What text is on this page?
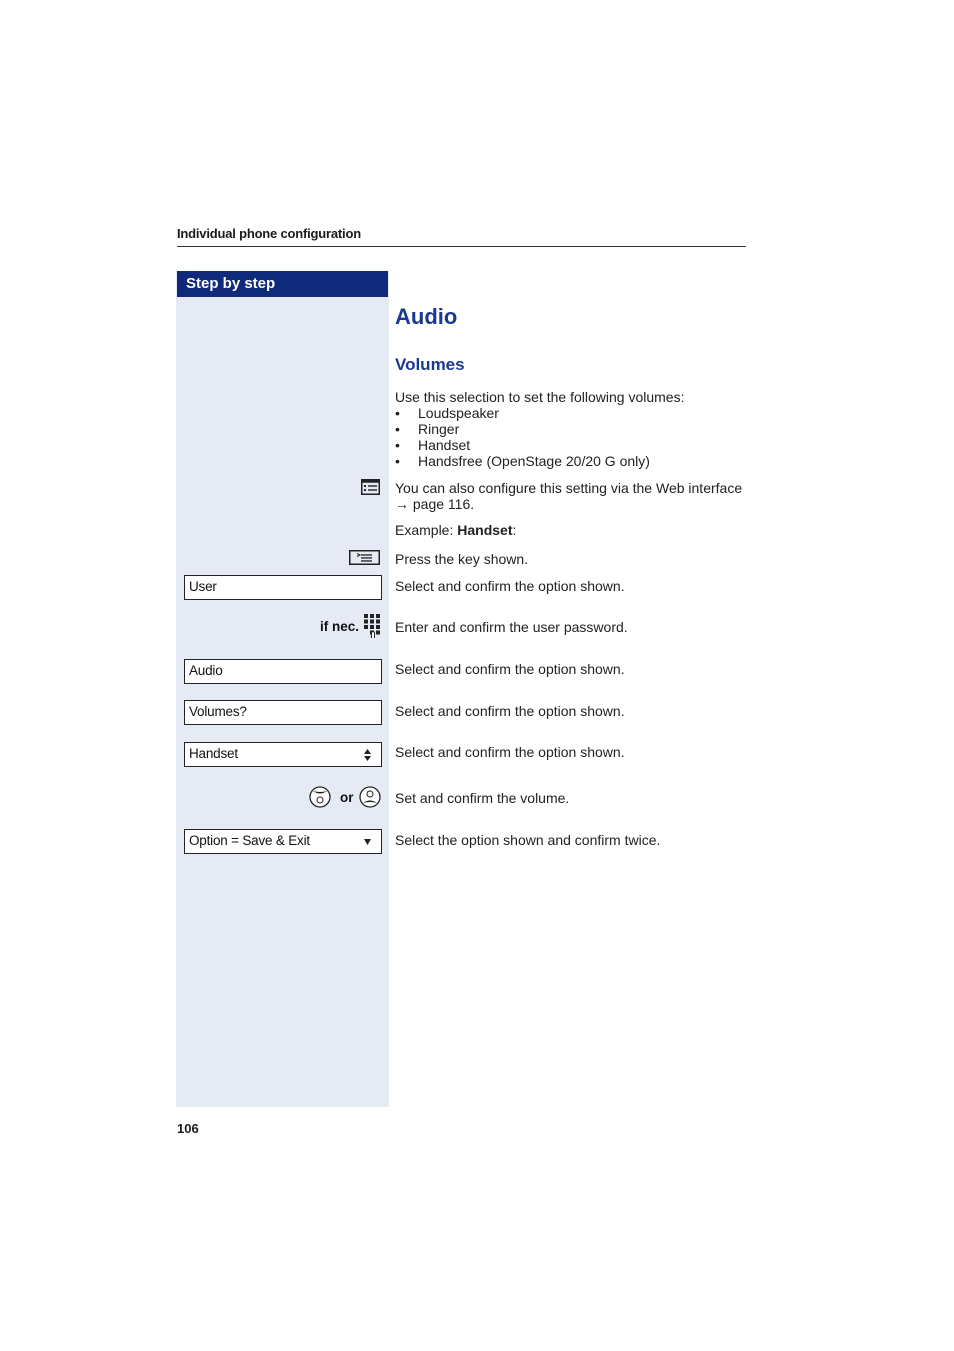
Individual phone configuration
Step by step
Audio
Volumes
Use this selection to set the following volumes:
• Loudspeaker
• Ringer
• Handset
• Handsfree (OpenStage 20/20 G only)
You can also configure this setting via the Web interface
→ page 116.
Example: Handset:
Press the key shown.
User	Select and confirm the option shown.
if nec.	Enter and confirm the user password.
Audio	Select and confirm the option shown.
Volumes?	Select and confirm the option shown.
Handset	Select and confirm the option shown.
or	Set and confirm the volume.
Option = Save & Exit	Select the option shown and confirm twice.
106
